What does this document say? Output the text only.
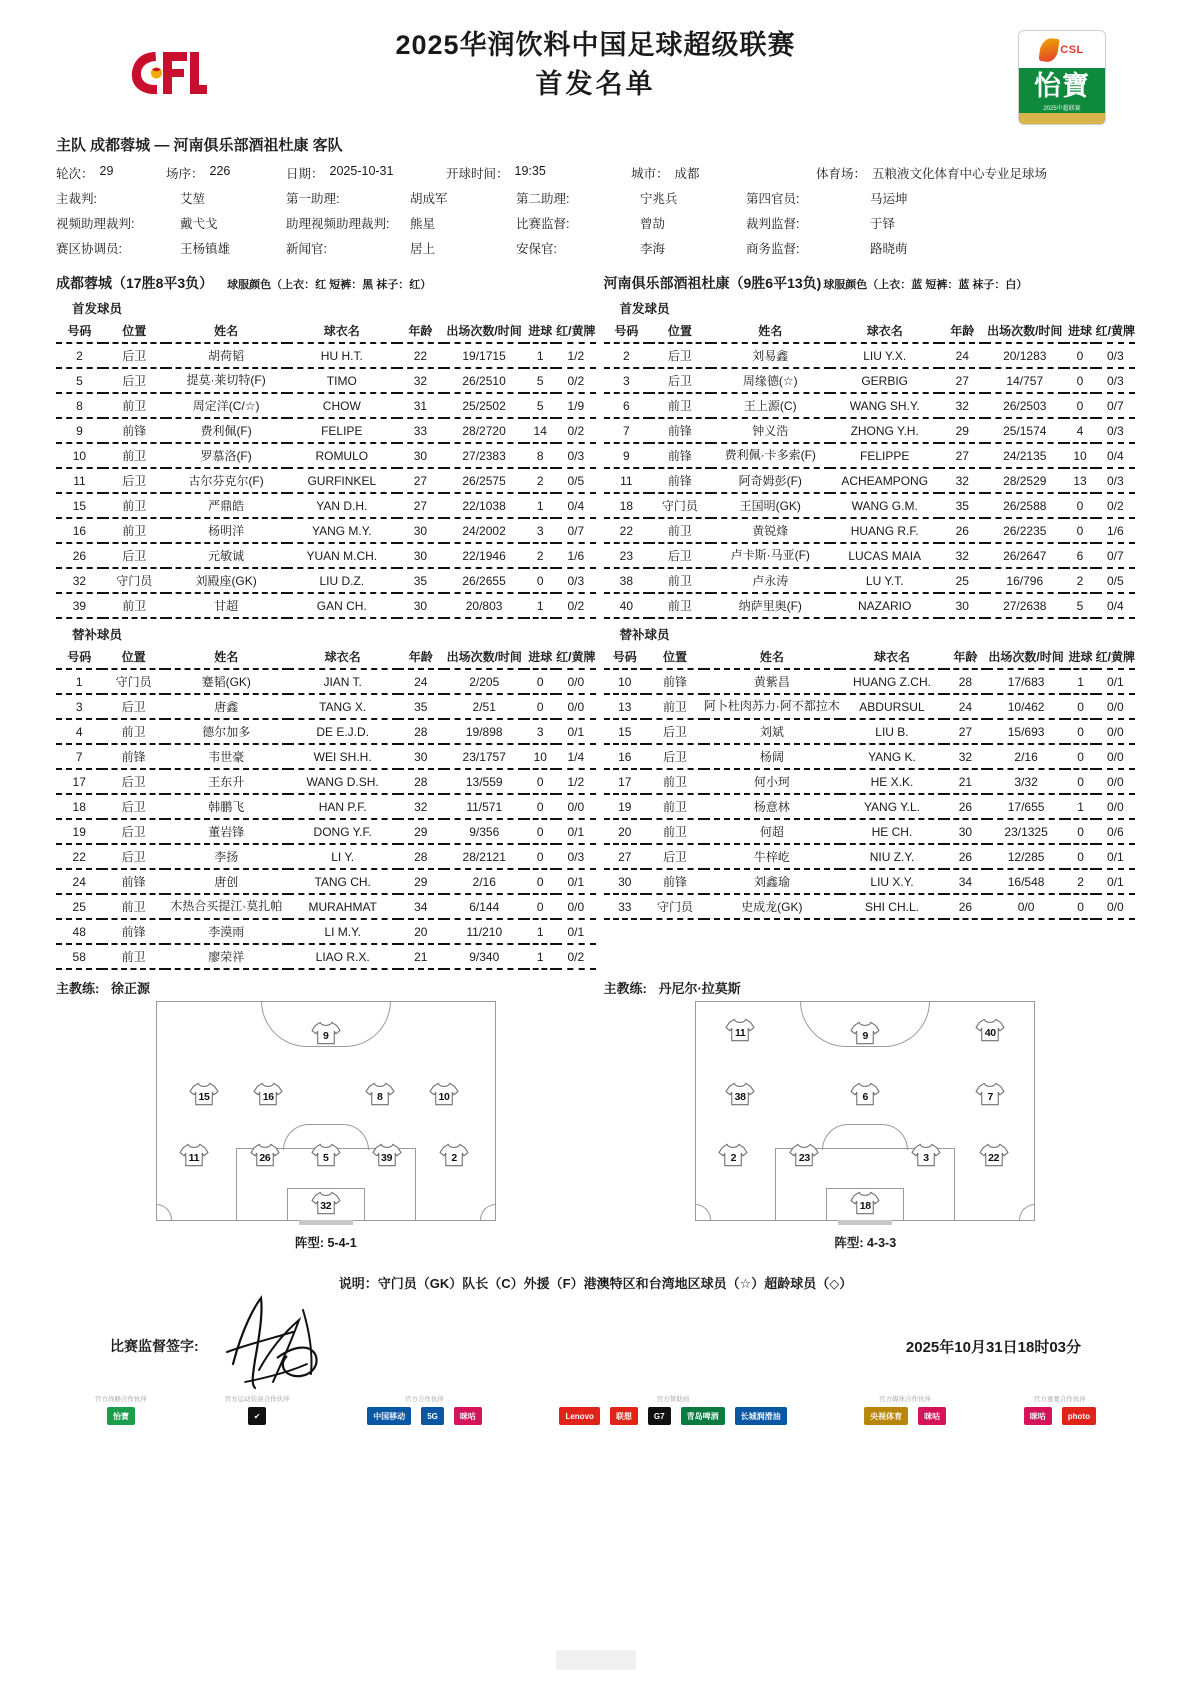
2025华润饮料中国足球超级联赛
首发名单
CSL
怡寶
2025中超联赛
主队 成都蓉城 — 河南俱乐部酒祖杜康 客队
轮次： 29	场序： 226	日期： 2025-10-31	开球时间： 19:35	城市： 成都	体育场： 五粮液文化体育中心专业足球场
主裁判:	艾堃	第一助理:	胡成军	第二助理:	宁兆兵	第四官员:	马运坤
视频助理裁判:	戴弋戈	助理视频助理裁判:	熊星	比赛监督:	曾劼	裁判监督:	于铎
赛区协调员:	王杨镇雄	新闻官:	居上	安保官:	李海	商务监督:	路晓萌
成都蓉城（17胜8平3负） 球服颜色（上衣：红 短裤：黑 袜子：红）
首发球员
号码	位置	姓名	球衣名	年龄	出场次数/时间	进球	红/黄牌
2	后卫	胡荷韬	HU H.T.	22	19/1715	1	1/2
5	后卫	提莫·莱切特(F)	TIMO	32	26/2510	5	0/2
8	前卫	周定洋(C/☆)	CHOW	31	25/2502	5	1/9
9	前锋	费利佩(F)	FELIPE	33	28/2720	14	0/2
10	前卫	罗慕洛(F)	ROMULO	30	27/2383	8	0/3
11	后卫	古尔芬克尔(F)	GURFINKEL	27	26/2575	2	0/5
15	前卫	严鼎皓	YAN D.H.	27	22/1038	1	0/4
16	前卫	杨明洋	YANG M.Y.	30	24/2002	3	0/7
26	后卫	元敏诚	YUAN M.CH.	30	22/1946	2	1/6
32	守门员	刘殿座(GK)	LIU D.Z.	35	26/2655	0	0/3
39	前卫	甘超	GAN CH.	30	20/803	1	0/2
替补球员
号码	位置	姓名	球衣名	年龄	出场次数/时间	进球	红/黄牌
1	守门员	蹇韬(GK)	JIAN T.	24	2/205	0	0/0
3	后卫	唐鑫	TANG X.	35	2/51	0	0/0
4	前卫	德尔加多	DE E.J.D.	28	19/898	3	0/1
7	前锋	韦世豪	WEI SH.H.	30	23/1757	10	1/4
17	后卫	王东升	WANG D.SH.	28	13/559	0	1/2
18	后卫	韩鹏飞	HAN P.F.	32	11/571	0	0/0
19	后卫	董岩锋	DONG Y.F.	29	9/356	0	0/1
22	后卫	李扬	LI Y.	28	28/2121	0	0/3
24	前锋	唐创	TANG CH.	29	2/16	0	0/1
25	前卫	木热合买提江·莫扎帕	MURAHMAT	34	6/144	0	0/0
48	前锋	李漠雨	LI M.Y.	20	11/210	1	0/1
58	前卫	廖荣祥	LIAO R.X.	21	9/340	1	0/2
河南俱乐部酒祖杜康（9胜6平13负) 球服颜色（上衣：蓝 短裤：蓝 袜子：白）
首发球员
号码	位置	姓名	球衣名	年龄	出场次数/时间	进球	红/黄牌
2	后卫	刘易鑫	LIU Y.X.	24	20/1283	0	0/3
3	后卫	周缘德(☆)	GERBIG	27	14/757	0	0/3
6	前卫	王上源(C)	WANG SH.Y.	32	26/2503	0	0/7
7	前锋	钟义浩	ZHONG Y.H.	29	25/1574	4	0/3
9	前锋	费利佩·卡多索(F)	FELIPPE	27	24/2135	10	0/4
11	前锋	阿奇姆彭(F)	ACHEAMPONG	32	28/2529	13	0/3
18	守门员	王国明(GK)	WANG G.M.	35	26/2588	0	0/2
22	前卫	黄锐烽	HUANG R.F.	26	26/2235	0	1/6
23	后卫	卢卡斯·马亚(F)	LUCAS MAIA	32	26/2647	6	0/7
38	前卫	卢永涛	LU Y.T.	25	16/796	2	0/5
40	前卫	纳萨里奥(F)	NAZARIO	30	27/2638	5	0/4
替补球员
号码	位置	姓名	球衣名	年龄	出场次数/时间	进球	红/黄牌
10	前锋	黄紫昌	HUANG Z.CH.	28	17/683	1	0/1
13	前卫	阿卜杜肉苏力·阿不都拉木	ABDURSUL	24	10/462	0	0/0
15	后卫	刘斌	LIU B.	27	15/693	0	0/0
16	后卫	杨阔	YANG K.	32	2/16	0	0/0
17	前卫	何小珂	HE X.K.	21	3/32	0	0/0
19	前卫	杨意林	YANG Y.L.	26	17/655	1	0/0
20	前卫	何超	HE CH.	30	23/1325	0	0/6
27	后卫	牛梓屹	NIU Z.Y.	26	12/285	0	0/1
30	前锋	刘鑫瑜	LIU X.Y.	34	16/548	2	0/1
33	守门员	史成龙(GK)	SHI CH.L.	26	0/0	0	0/0
主教练: 徐正源	主教练: 丹尼尔·拉莫斯
9
15	16	8	10
11	26	5	39	2
32
阵型: 5-4-1
11	9	40
38	6	7
2	23	3	22
18
阵型: 4-3-3
说明：守门员（GK）队长（C）外援（F）港澳特区和台湾地区球员（☆）超龄球员（◇）
比赛监督签字:	2025年10月31日18时03分
官方战略合作伙伴
怡寶
官方运动装备合作伙伴
✔
官方合作伙伴
中国移动	5G	咪咕
官方赞助商
Lenovo	联想	G7	青岛啤酒	长城润滑油
官方媒体合作伙伴
央视体育	咪咕
官方重要合作伙伴
咪咕	photo
